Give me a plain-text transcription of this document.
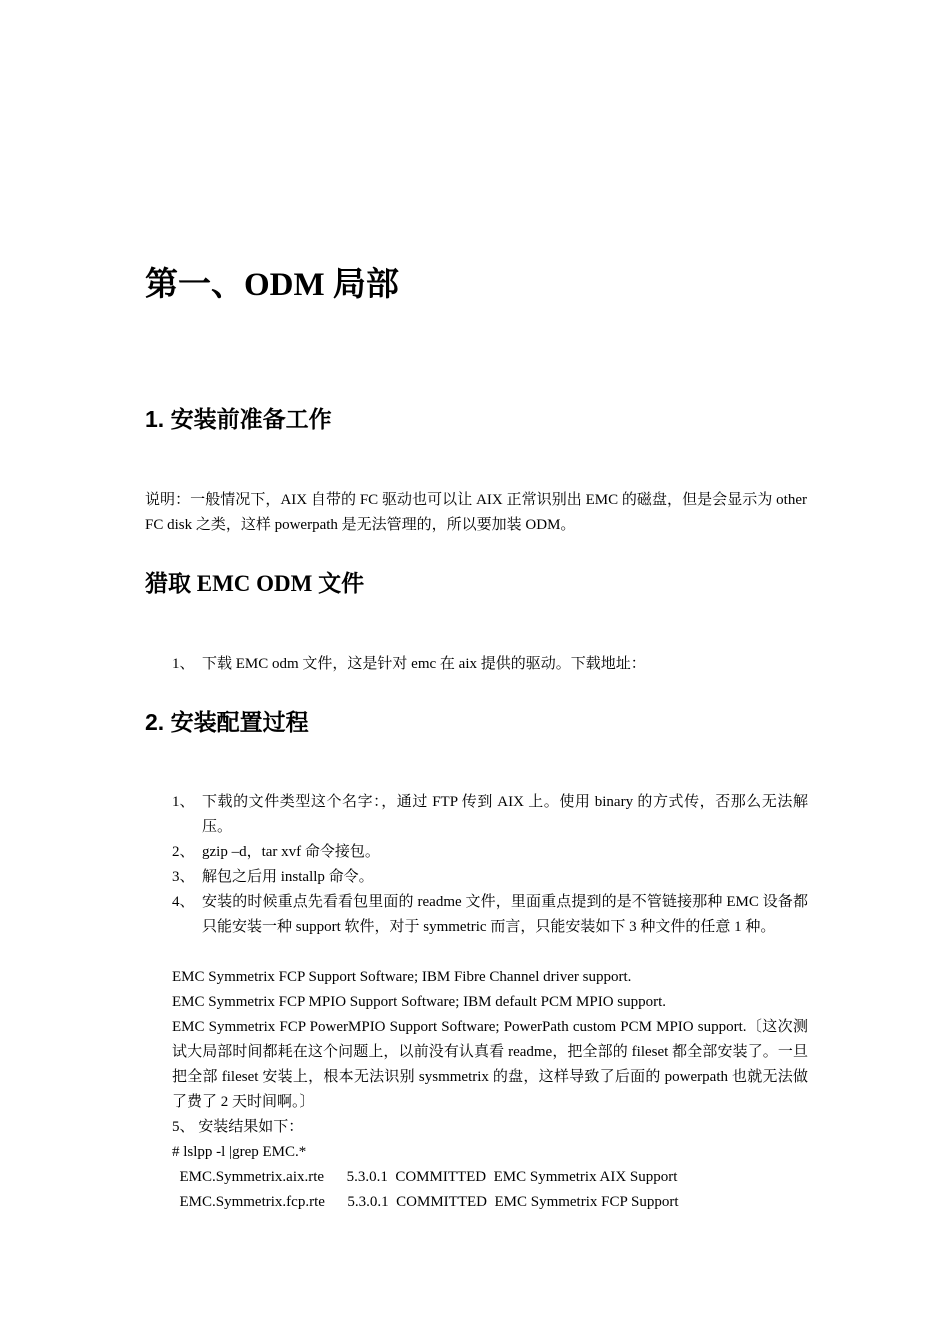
第一、ODM 局部
1. 安装前准备工作

说明：一般情况下，AIX 自带的 FC 驱动也可以让 AIX 正常识别出 EMC 的磁盘，但是会显示为 other FC disk 之类，这样 powerpath 是无法管理的，所以要加装 ODM。

猎取 EMC ODM 文件
1、 下载 EMC odm 文件，这是针对 emc 在 aix 提供的驱动。下载地址：
2. 安装配置过程
1、 下载的文件类型这个名字：，通过 FTP 传到 AIX 上。使用 binary 的方式传，否那么无法解压。
2、 gzip –d，tar xvf 命令接包。
3、 解包之后用 installp 命令。
4、 安装的时候重点先看看包里面的 readme 文件，里面重点提到的是不管链接那种 EMC 设备都只能安装一种 support 软件，对于 symmetric 而言，只能安装如下 3 种文件的任意 1 种。

EMC Symmetrix FCP Support Software; IBM Fibre Channel driver support.

EMC Symmetrix FCP MPIO Support Software; IBM default PCM MPIO support.

EMC Symmetrix FCP PowerMPIO Support Software; PowerPath custom PCM MPIO support.〔这次测试大局部时间都耗在这个问题上，以前没有认真看 readme，把全部的 fileset 都全部安装了。一旦把全部 fileset 安装上，根本无法识别 sysmmetrix 的盘，这样导致了后面的 powerpath 也就无法做了费了 2 天时间啊。〕

5、 安装结果如下：

# lslpp -l |grep EMC.*

EMC.Symmetrix.aix.rte      5.3.0.1  COMMITTED  EMC Symmetrix AIX Support

EMC.Symmetrix.fcp.rte      5.3.0.1  COMMITTED  EMC Symmetrix FCP Support
